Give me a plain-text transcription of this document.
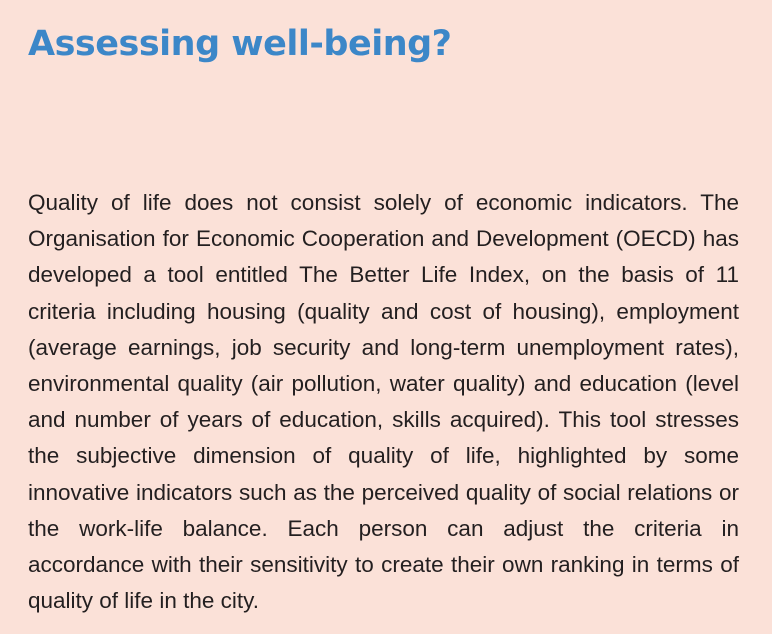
Assessing well-being?

Quality of life does not consist solely of economic indicators. The Organisation for Economic Cooperation and Development (OECD) has developed a tool entitled The Better Life Index, on the basis of 11 criteria including housing (quality and cost of housing), employment (average earnings, job security and long-term unemployment rates), environmental quality (air pollution, water quality) and education (level and number of years of education, skills acquired). This tool stresses the subjective dimension of quality of life, highlighted by some innovative indicators such as the perceived quality of social relations or the work-life balance. Each person can adjust the criteria in accordance with their sensitivity to create their own ranking in terms of quality of life in the city.
